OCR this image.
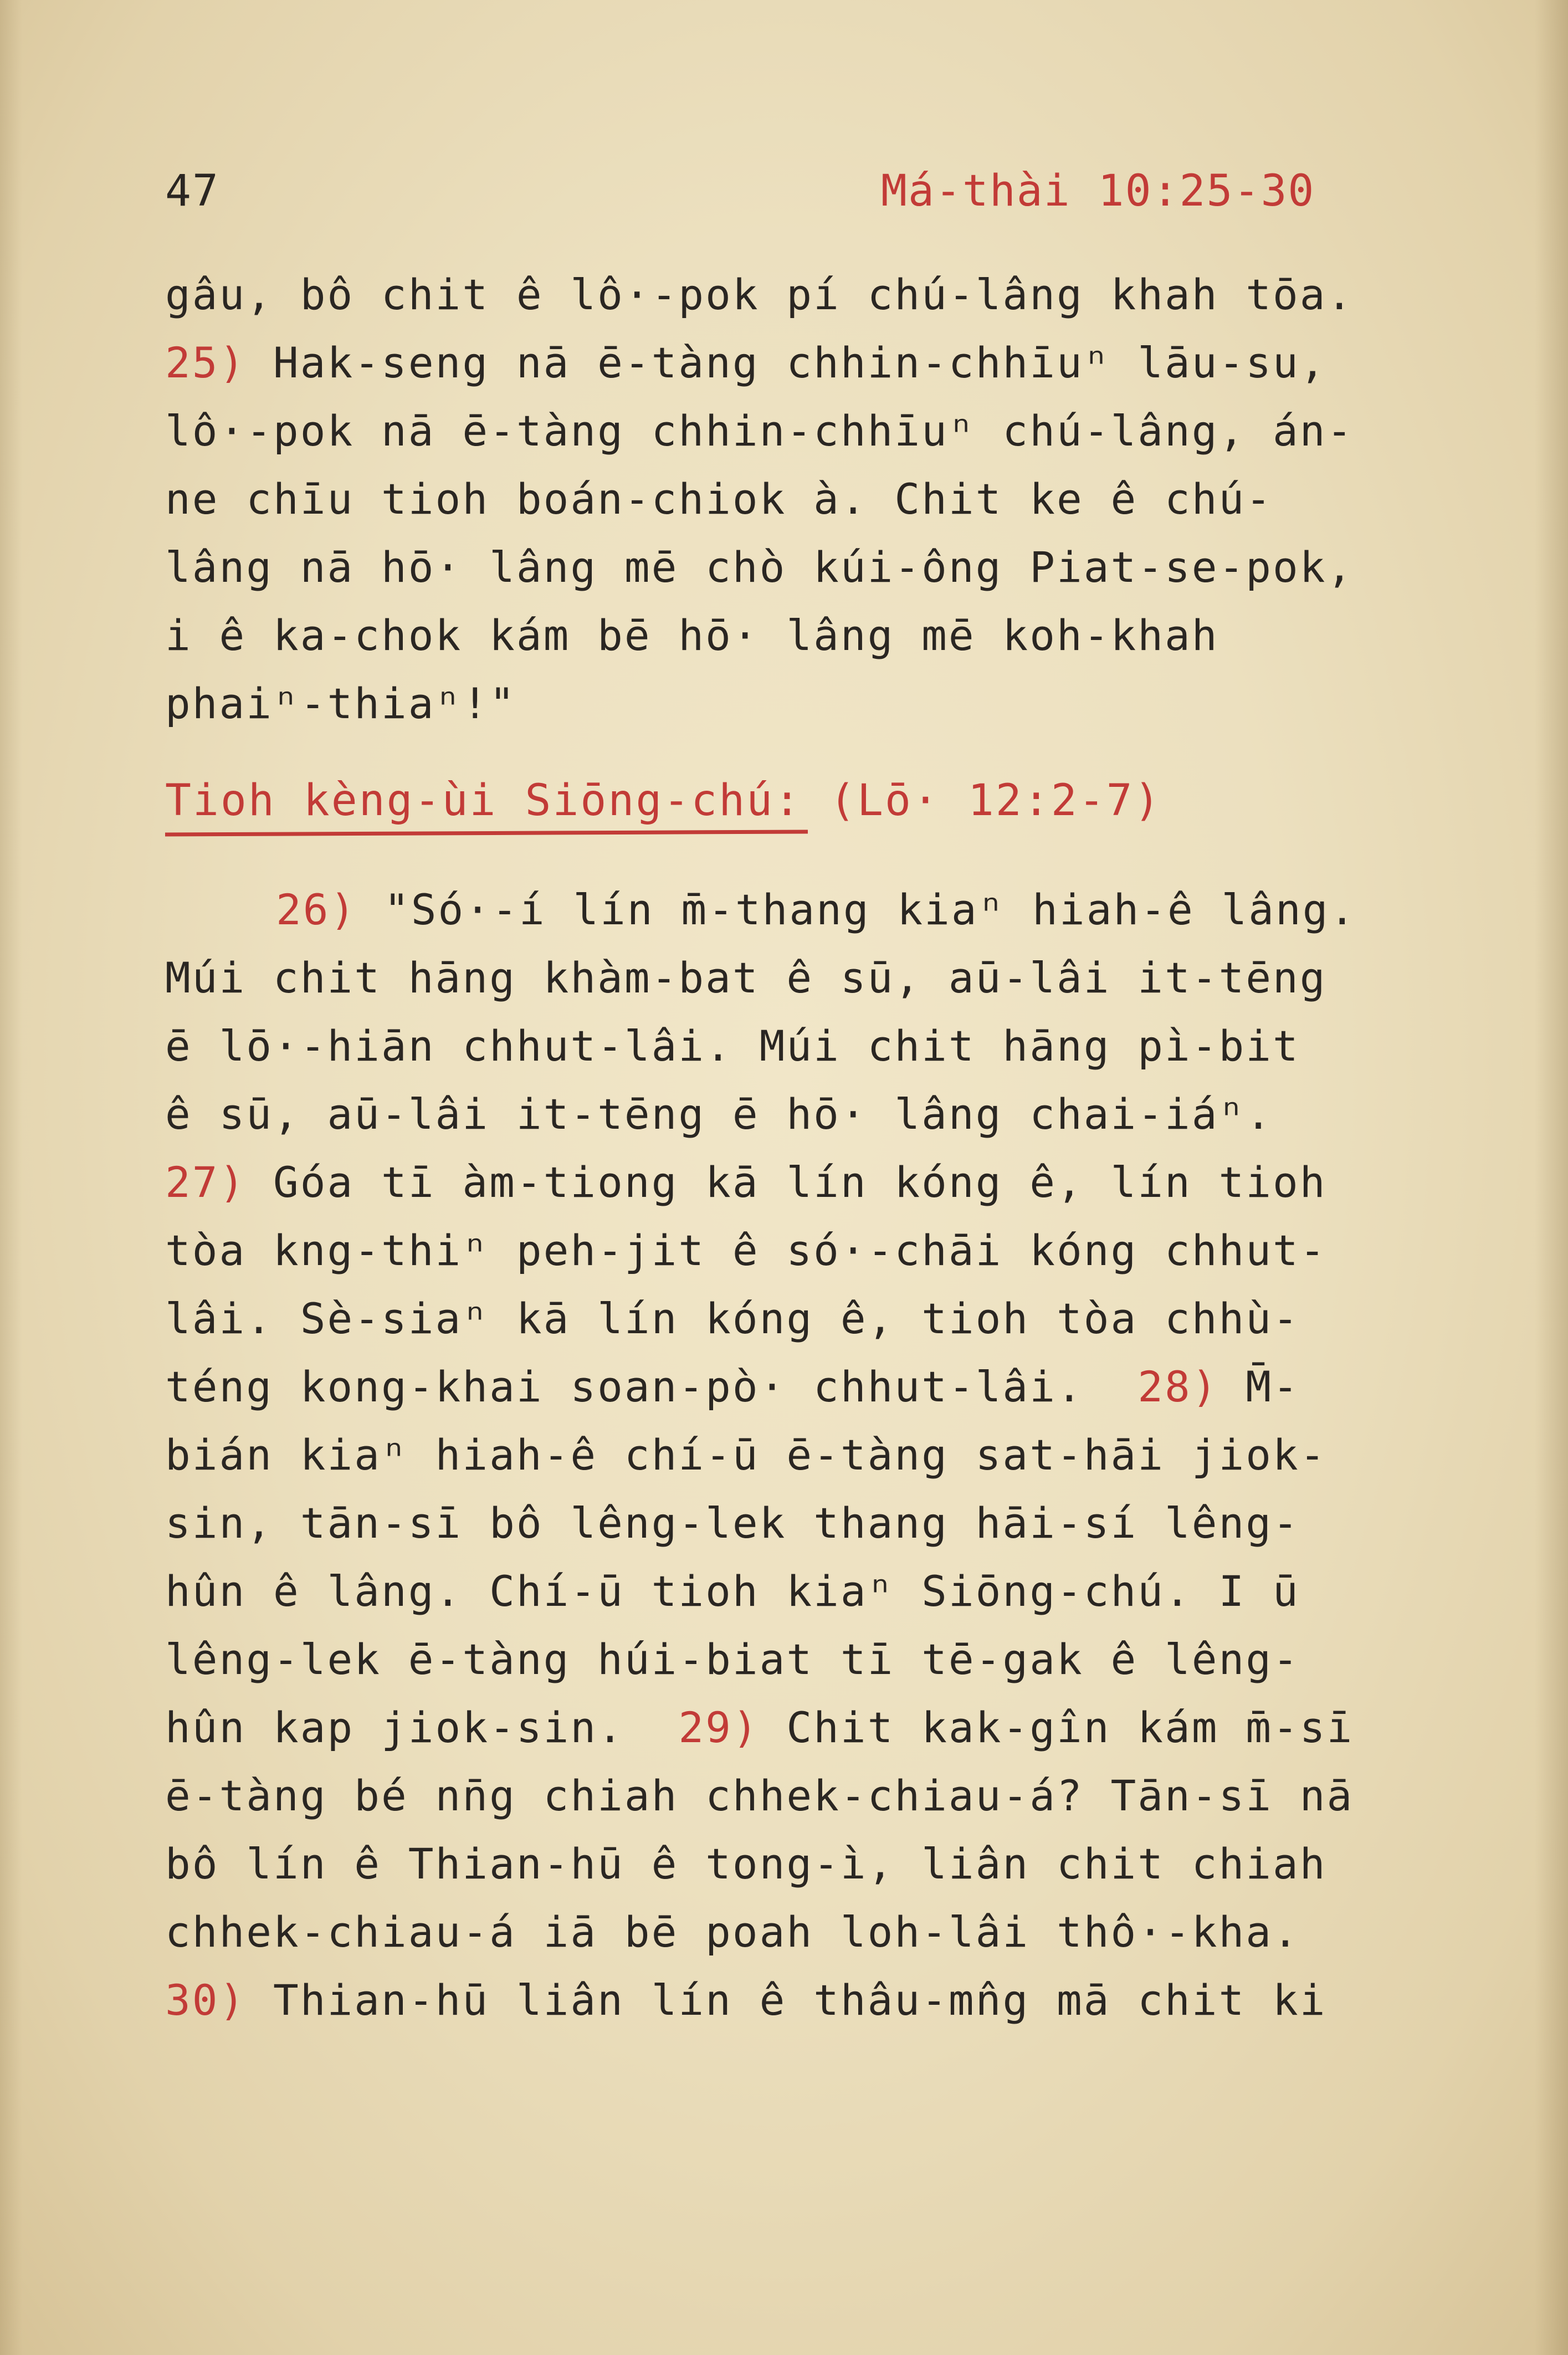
47	Má-thài 10:25-30
gâu, bô chit ê lô·-pok pí chú-lâng khah tōa.
25) Hak-seng nā ē-tàng chhin-chhīuⁿ lāu-su,
lô·-pok nā ē-tàng chhin-chhīuⁿ chú-lâng, án-
ne chīu tioh boán-chiok à. Chit ke ê chú-
lâng nā hō· lâng mē chò kúi-ông Piat-se-pok,
i ê ka-chok kám bē hō· lâng mē koh-khah
phaiⁿ-thiaⁿ!"
Tioh kèng-ùi Siōng-chú: (Lō· 12:2-7)
26) "Só·-í lín m̄-thang kiaⁿ hiah-ê lâng.
Múi chit hāng khàm-bat ê sū, aū-lâi it-tēng
ē lō·-hiān chhut-lâi. Múi chit hāng pì-bit
ê sū, aū-lâi it-tēng ē hō· lâng chai-iáⁿ.
27) Góa tī àm-tiong kā lín kóng ê, lín tioh
tòa kng-thiⁿ peh-jit ê só·-chāi kóng chhut-
lâi. Sè-siaⁿ kā lín kóng ê, tioh tòa chhù-
téng kong-khai soan-pò· chhut-lâi.  28) M̄-
bián kiaⁿ hiah-ê chí-ū ē-tàng sat-hāi jiok-
sin, tān-sī bô lêng-lek thang hāi-sí lêng-
hûn ê lâng. Chí-ū tioh kiaⁿ Siōng-chú. I ū
lêng-lek ē-tàng húi-biat tī tē-gak ê lêng-
hûn kap jiok-sin.  29) Chit kak-gîn kám m̄-sī
ē-tàng bé nn̄g chiah chhek-chiau-á? Tān-sī nā
bô lín ê Thian-hū ê tong-ì, liân chit chiah
chhek-chiau-á iā bē poah loh-lâi thô·-kha.
30) Thian-hū liân lín ê thâu-mn̂g mā chit ki
